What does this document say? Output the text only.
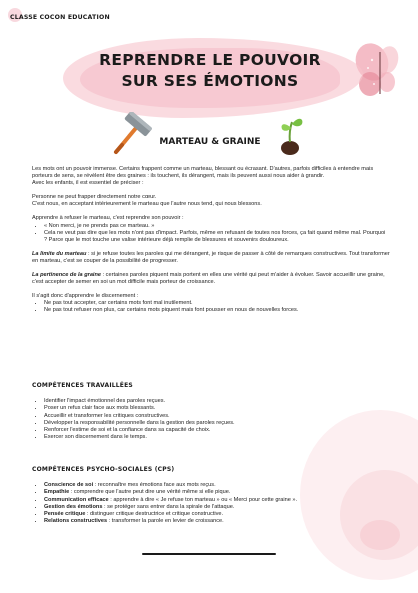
CLASSE COCON EDUCATION
REPRENDRE LE POUVOIR
SUR SES ÉMOTIONS
MARTEAU & GRAINE

Les mots ont un pouvoir immense. Certains frappent comme un marteau, blessant ou écrasant. D'autres, parfois difficiles à entendre mais porteurs de sens, se révèlent être des graines : ils touchent, ils dérangent, mais ils peuvent aussi nous aider à grandir.

Avec les enfants, il est essentiel de préciser :

Personne ne peut frapper directement notre cœur.

C'est nous, en acceptant intérieurement le marteau que l'autre nous tend, qui nous blessons.

Apprendre à refuser le marteau, c'est reprendre son pouvoir :

• « Non merci, je ne prends pas ce marteau. »
• Cela ne veut pas dire que les mots n'ont pas d'impact. Parfois, même en refusant de toutes nos forces, ça fait quand même mal. Pourquoi ? Parce que le mot touche une valise intérieure déjà remplie de blessures et souvenirs douloureux.

La limite du marteau : si je refuse toutes les paroles qui me dérangent, je risque de passer à côté de remarques constructives. Tout transformer en marteau, c'est se couper de la possibilité de progresser.

La pertinence de la graine : certaines paroles piquent mais portent en elles une vérité qui peut m'aider à évoluer. Savoir accueillir une graine, c'est accepter de semer en soi un mot difficile mais porteur de croissance.

Il s'agit donc d'apprendre le discernement :

• Ne pas tout accepter, car certains mots font mal inutilement.
• Ne pas tout refuser non plus, car certains mots piquent mais font pousser en nous de nouvelles forces.
COMPÉTENCES TRAVAILLÉES
• Identifier l'impact émotionnel des paroles reçues.
• Poser un refus clair face aux mots blessants.
• Accueillir et transformer les critiques constructives.
• Développer la responsabilité personnelle dans la gestion des paroles reçues.
• Renforcer l'estime de soi et la confiance dans sa capacité de choix.
• Exercer son discernement dans le temps.
COMPÉTENCES PSYCHO-SOCIALES (CPS)
• Conscience de soi : reconnaître mes émotions face aux mots reçus.
• Empathie : comprendre que l'autre peut dire une vérité même si elle pique.
• Communication efficace : apprendre à dire « Je refuse ton marteau » ou « Merci pour cette graine ».
• Gestion des émotions : se protéger sans entrer dans la spirale de l'attaque.
• Pensée critique : distinguer critique destructrice et critique constructive.
• Relations constructives : transformer la parole en levier de croissance.
